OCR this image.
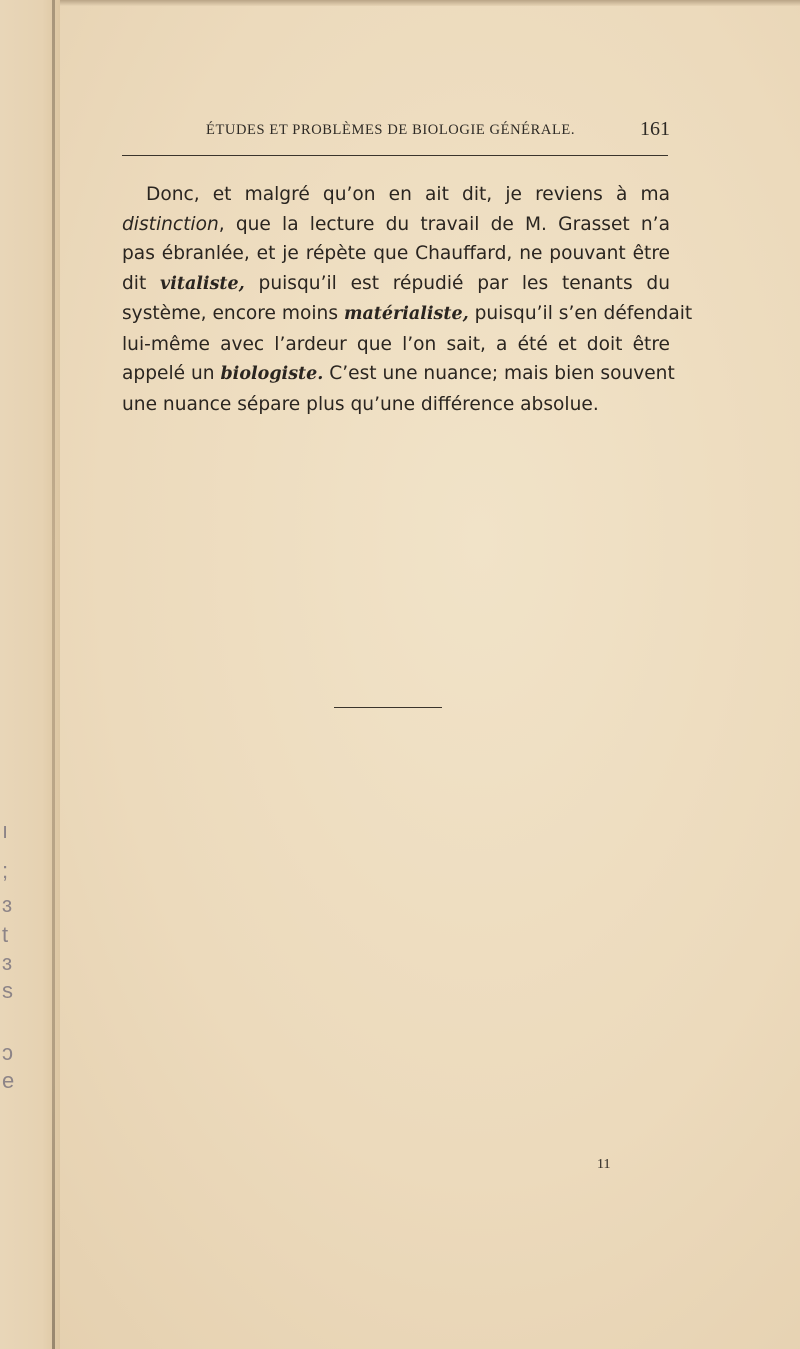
ı
;
ɜ
t
ɜ
s
ɔ
e
ÉTUDES ET PROBLÈMES DE BIOLOGIE GÉNÉRALE.	161
Donc, et malgré qu’on en ait dit, je reviens à ma
distinction, que la lecture du travail de M. Grasset n’a
pas ébranlée, et je répète que Chauffard, ne pouvant être
dit vitaliste, puisqu’il est répudié par les tenants du
système, encore moins matérialiste, puisqu’il s’en défendait
lui-même avec l’ardeur que l’on sait, a été et doit être
appelé un biologiste. C’est une nuance; mais bien souvent
une nuance sépare plus qu’une différence absolue.
11
